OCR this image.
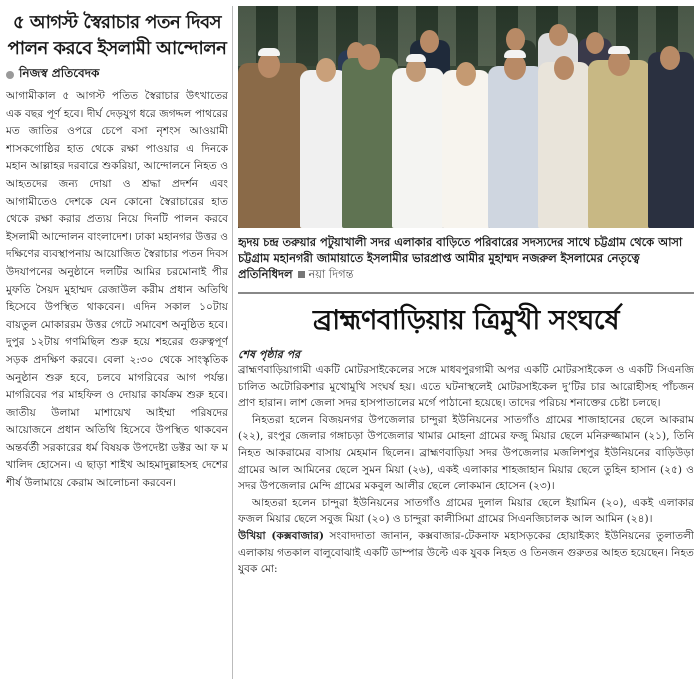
৫ আগস্ট স্বৈরাচার পতন দিবস পালন করবে ইসলামী আন্দোলন
নিজস্ব প্রতিবেদক

আগামীকাল ৫ আগস্ট পতিত স্বৈরাচার উৎখাতের এক বছর পূর্ণ হবে। দীর্ঘ দেড়যুগ ধরে জগদ্দল পাথরের মত জাতির ওপরে চেপে বসা নৃশংস আওয়ামী শাসকগোষ্ঠির হাত থেকে রক্ষা পাওয়ার এ দিনকে মহান আল্লাহর দরবারে শুকরিয়া, আন্দোলনে নিহত ও আহতদের জন্য দোয়া ও শ্রদ্ধা প্রদর্শন এবং আগামীতেও দেশকে যেন কোনো স্বৈরাচারের হাত থেকে রক্ষা করার প্রত্যয় নিয়ে দিনটি পালন করবে ইসলামী আন্দোলন বাংলাদেশ। ঢাকা মহানগর উত্তর ও দক্ষিণের ব্যবস্থাপনায় আয়োজিত স্বৈরাচার পতন দিবস উদযাপনের অনুষ্ঠানে দলটির আমির চরমোনাই পীর মুফতি সৈয়দ মুহাম্মদ রেজাউল করীম প্রধান অতিথি হিসেবে উপস্থিত থাকবেন। এদিন সকাল ১০টায় বায়তুল মোকাররম উত্তর গেটে সমাবেশ অনুষ্ঠিত হবে। দুপুর ১২টায় গণমিছিল শুরু হয়ে শহরের গুরুত্বপূর্ণ সড়ক প্রদক্ষিণ করবে। বেলা ২:৩০ থেকে সাংস্কৃতিক অনুষ্ঠান শুরু হবে, চলবে মাগরিবের আগ পর্যন্ত। মাগরিবের পর মাহফিল ও দোয়ার কার্যক্রম শুরু হবে। জাতীয় উলামা মাশায়েখ আইম্মা পরিষদের আয়োজনে প্রধান অতিথি হিসেবে উপস্থিত থাকবেন অন্তর্বর্তী সরকারের ধর্ম বিষয়ক উপদেষ্টা ডক্টর আ ফ ম খালিদ হোসেন। এ ছাড়া শাইখ আহমাদুল্লাহসহ দেশের শীর্ষ উলামায়ে কেরাম আলোচনা করবেন।

হৃদয় চন্দ্র তরুয়ার পটুয়াখালী সদর এলাকার বাড়িতে পরিবারের সদস্যদের সাথে চট্টগ্রাম থেকে আসা চট্টগ্রাম মহানগরী জামায়াতে ইসলামীর ভারপ্রাপ্ত আমীর মুহাম্মদ নজরুল ইসলামের নেতৃত্বে প্রতিনিধিদল নয়া দিগন্ত
ব্রাহ্মণবাড়িয়ায় ত্রিমুখী সংঘর্ষে
শেষ পৃষ্ঠার পর

ব্রাহ্মণবাড়িয়াগামী একটি মোটরসাইকেলের সঙ্গে মাধবপুরগামী অপর একটি মোটরসাইকেল ও একটি সিএনজি চালিত অটোরিকশার মুখোমুখি সংঘর্ষ হয়। এতে ঘটনাস্থলেই মোটরসাইকেল দু’টির চার আরোহীসহ পাঁচজন প্রাণ হারান। লাশ জেলা সদর হাসপাতালের মর্গে পাঠানো হয়েছে। তাদের পরিচয় শনাক্তের চেষ্টা চলছে।

নিহতরা হলেন বিজয়নগর উপজেলার চান্দুরা ইউনিয়নের সাতগাঁও গ্রামের শাজাহানের ছেলে আকরাম (২২), রংপুর জেলার গঙ্গাচড়া উপজেলার খামার মোহনা গ্রামের ফজু মিয়ার ছেলে মনিরুজ্জামান (২১), তিনি নিহত আকরামের বাসায় মেহমান ছিলেন। ব্রাহ্মণবাড়িয়া সদর উপজেলার মজলিশপুর ইউনিয়নের বাড়িউড়া গ্রামের আল আমিনের ছেলে সুমন মিয়া (২৬), একই এলাকার শাহজাহান মিয়ার ছেলে তুহিন হাসান (২৫) ও সদর উপজেলার মেন্দি গ্রামের মকবুল আলীর ছেলে লোকমান হোসেন (২৩)।

আহতরা হলেন চান্দুরা ইউনিয়নের সাতগাঁও গ্রামের দুলাল মিয়ার ছেলে ইয়ামিন (২০), একই এলাকার ফজল মিয়ার ছেলে সবুজ মিয়া (২০) ও চান্দুরা কালীসিমা গ্রামের সিএনজিচালক আল আমিন (২৪)।

উখিয়া (কক্সবাজার) সংবাদদাতা জানান, কক্সবাজার-টেকনাফ মহাসড়কের হোয়াইক্যং ইউনিয়নের তুলাতলী এলাকায় গতকাল বালুবোঝাই একটি ডাম্পার উল্টে এক যুবক নিহত ও তিনজন গুরুতর আহত হয়েছেন। নিহত যুবক মো:
